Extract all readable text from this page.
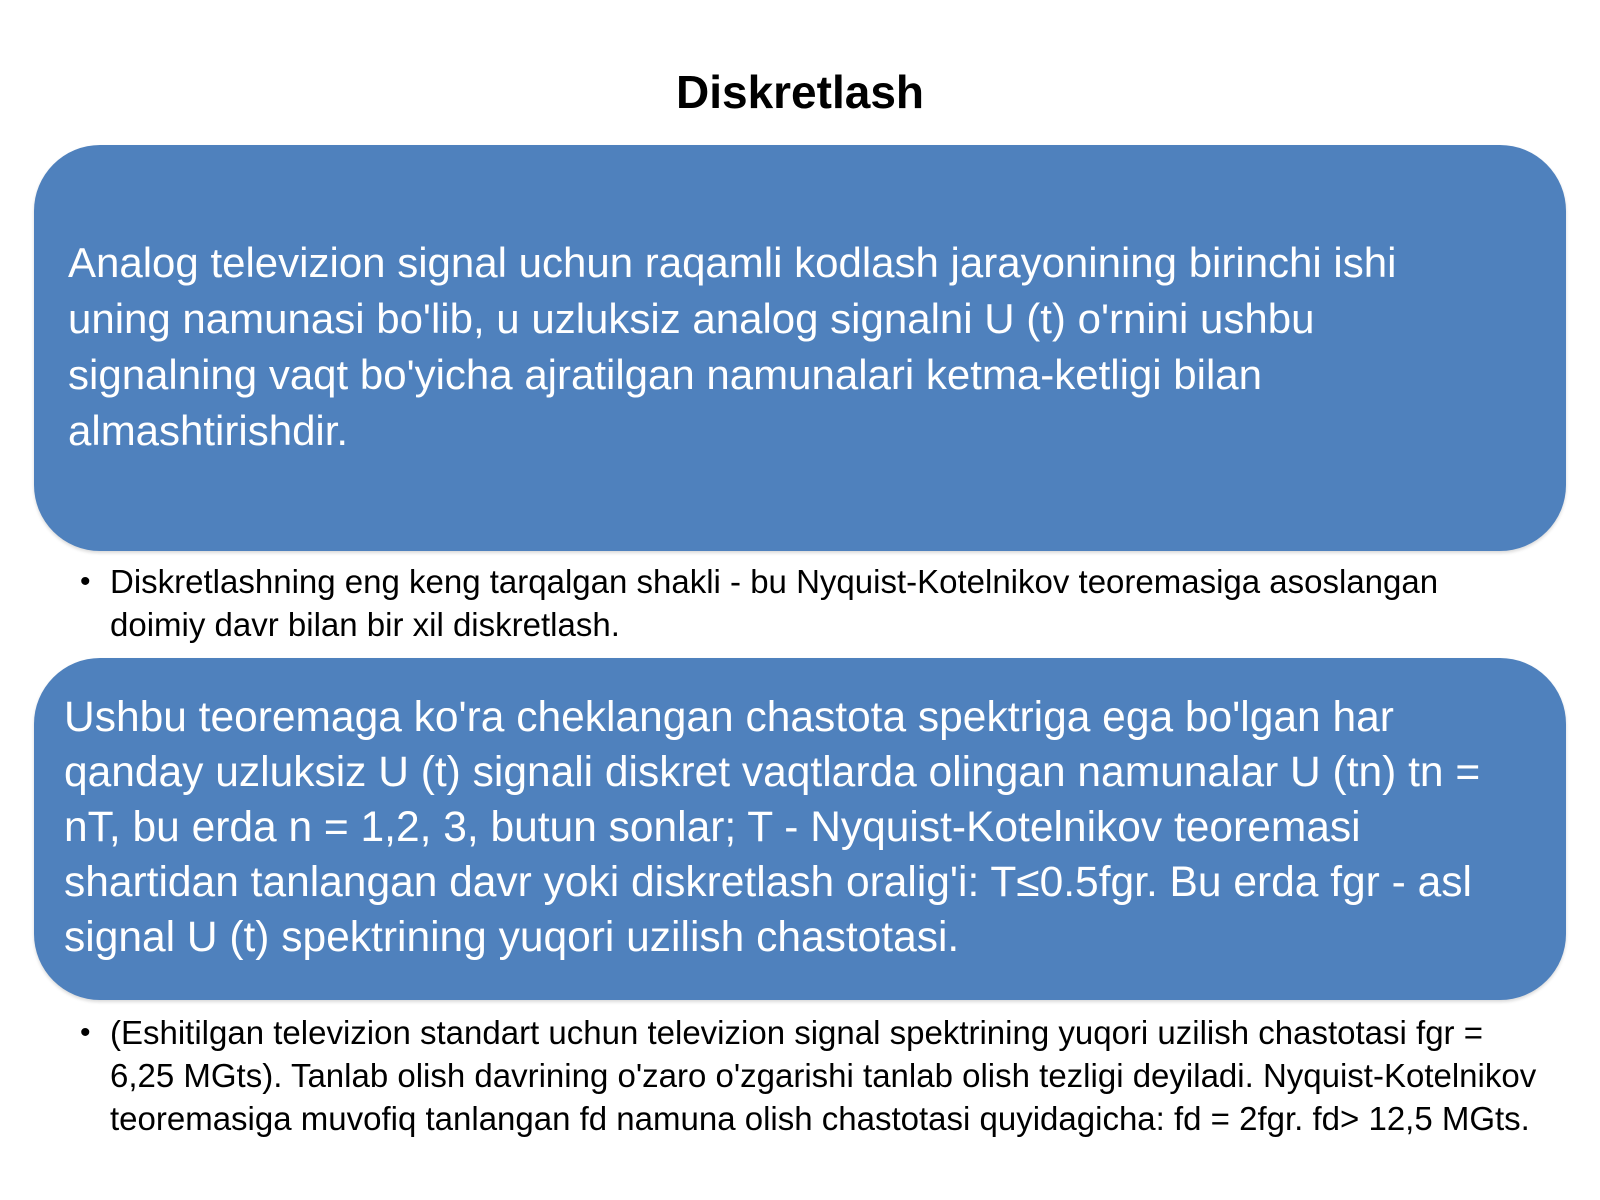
Diskretlash
Analog televizion signal uchun raqamli kodlash jarayonining birinchi ishi uning namunasi bo'lib, u uzluksiz analog signalni U (t) o'rnini ushbu signalning vaqt bo'yicha ajratilgan namunalari ketma-ketligi bilan almashtirishdir.
• Diskretlashning eng keng tarqalgan shakli - bu Nyquist-Kotelnikov teoremasiga asoslangan doimiy davr bilan bir xil diskretlash.
Ushbu teoremaga ko'ra cheklangan chastota spektriga ega bo'lgan har qanday uzluksiz U (t) signali diskret vaqtlarda olingan namunalar U (tn) tn = nT, bu erda n = 1,2, 3, butun sonlar; T - Nyquist-Kotelnikov teoremasi shartidan tanlangan davr yoki diskretlash oralig'i: T≤0.5fgr. Bu erda fgr - asl signal U (t) spektrining yuqori uzilish chastotasi.
• (Eshitilgan televizion standart uchun televizion signal spektrining yuqori uzilish chastotasi fgr = 6,25 MGts). Tanlab olish davrining o'zaro o'zgarishi tanlab olish tezligi deyiladi. Nyquist-Kotelnikov teoremasiga muvofiq tanlangan fd namuna olish chastotasi quyidagicha: fd = 2fgr. fd> 12,5 MGts.
